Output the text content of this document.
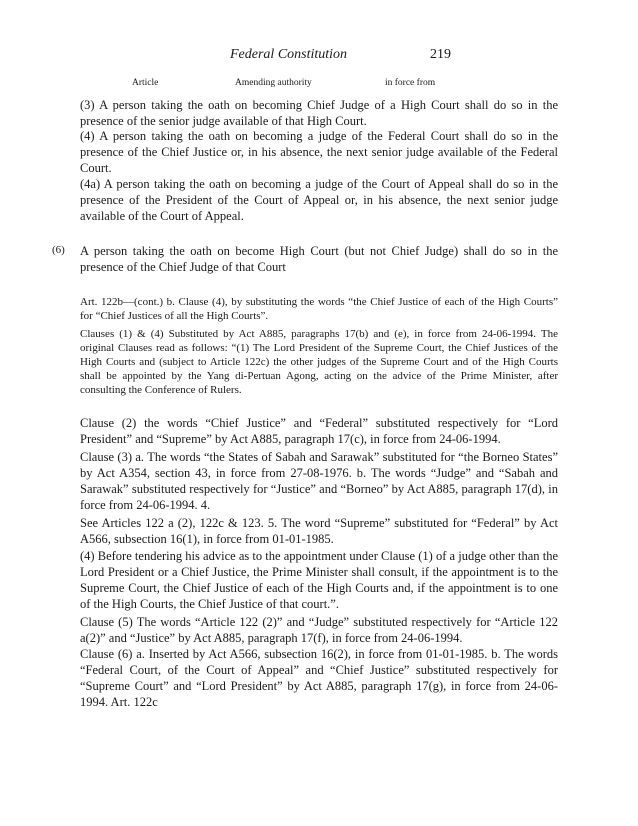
Federal Constitution	219
Article	Amending authority	in force from

(3) A person taking the oath on becoming Chief Judge of a High Court shall do so in the presence of the senior judge available of that High Court.

(4) A person taking the oath on becoming a judge of the Federal Court shall do so in the presence of the Chief Justice or, in his absence, the next senior judge available of the Federal Court.

(4a) A person taking the oath on becoming a judge of the Court of Appeal shall do so in the presence of the President of the Court of Appeal or, in his absence, the next senior judge available of the Court of Appeal.

(6) A person taking the oath on become High Court (but not Chief Judge) shall do so in the presence of the Chief Judge of that Court

Art. 122b—(cont.) b. Clause (4), by substituting the words “the Chief Justice of each of the High Courts” for “Chief Justices of all the High Courts”.

Clauses (1) & (4) Substituted by Act A885, paragraphs 17(b) and (e), in force from 24-06-1994. The original Clauses read as follows: “(1) The Lord President of the Supreme Court, the Chief Justices of the High Courts and (subject to Article 122c) the other judges of the Supreme Court and of the High Courts shall be appointed by the Yang di-Pertuan Agong, acting on the advice of the Prime Minister, after consulting the Conference of Rulers.

Clause (2) the words “Chief Justice” and “Federal” substituted respectively for “Lord President” and “Supreme” by Act A885, paragraph 17(c), in force from 24-06-1994.

Clause (3) a. The words “the States of Sabah and Sarawak” substituted for “the Borneo States” by Act A354, section 43, in force from 27-08-1976. b. The words “Judge” and “Sabah and Sarawak” substituted respectively for “Justice” and “Borneo” by Act A885, paragraph 17(d), in force from 24-06-1994. 4.

See Articles 122 a (2), 122c & 123. 5. The word “Supreme” substituted for “Federal” by Act A566, subsection 16(1), in force from 01-01-1985.

(4) Before tendering his advice as to the appointment under Clause (1) of a judge other than the Lord President or a Chief Justice, the Prime Minister shall consult, if the appointment is to the Supreme Court, the Chief Justice of each of the High Courts and, if the appointment is to one of the High Courts, the Chief Justice of that court.”.

Clause (5) The words “Article 122 (2)” and “Judge” substituted respectively for “Article 122 a(2)” and “Justice” by Act A885, paragraph 17(f), in force from 24-06-1994.

Clause (6) a. Inserted by Act A566, subsection 16(2), in force from 01-01-1985. b. The words “Federal Court, of the Court of Appeal” and “Chief Justice” substituted respectively for “Supreme Court” and “Lord President” by Act A885, paragraph 17(g), in force from 24-06-1994. Art. 122c
